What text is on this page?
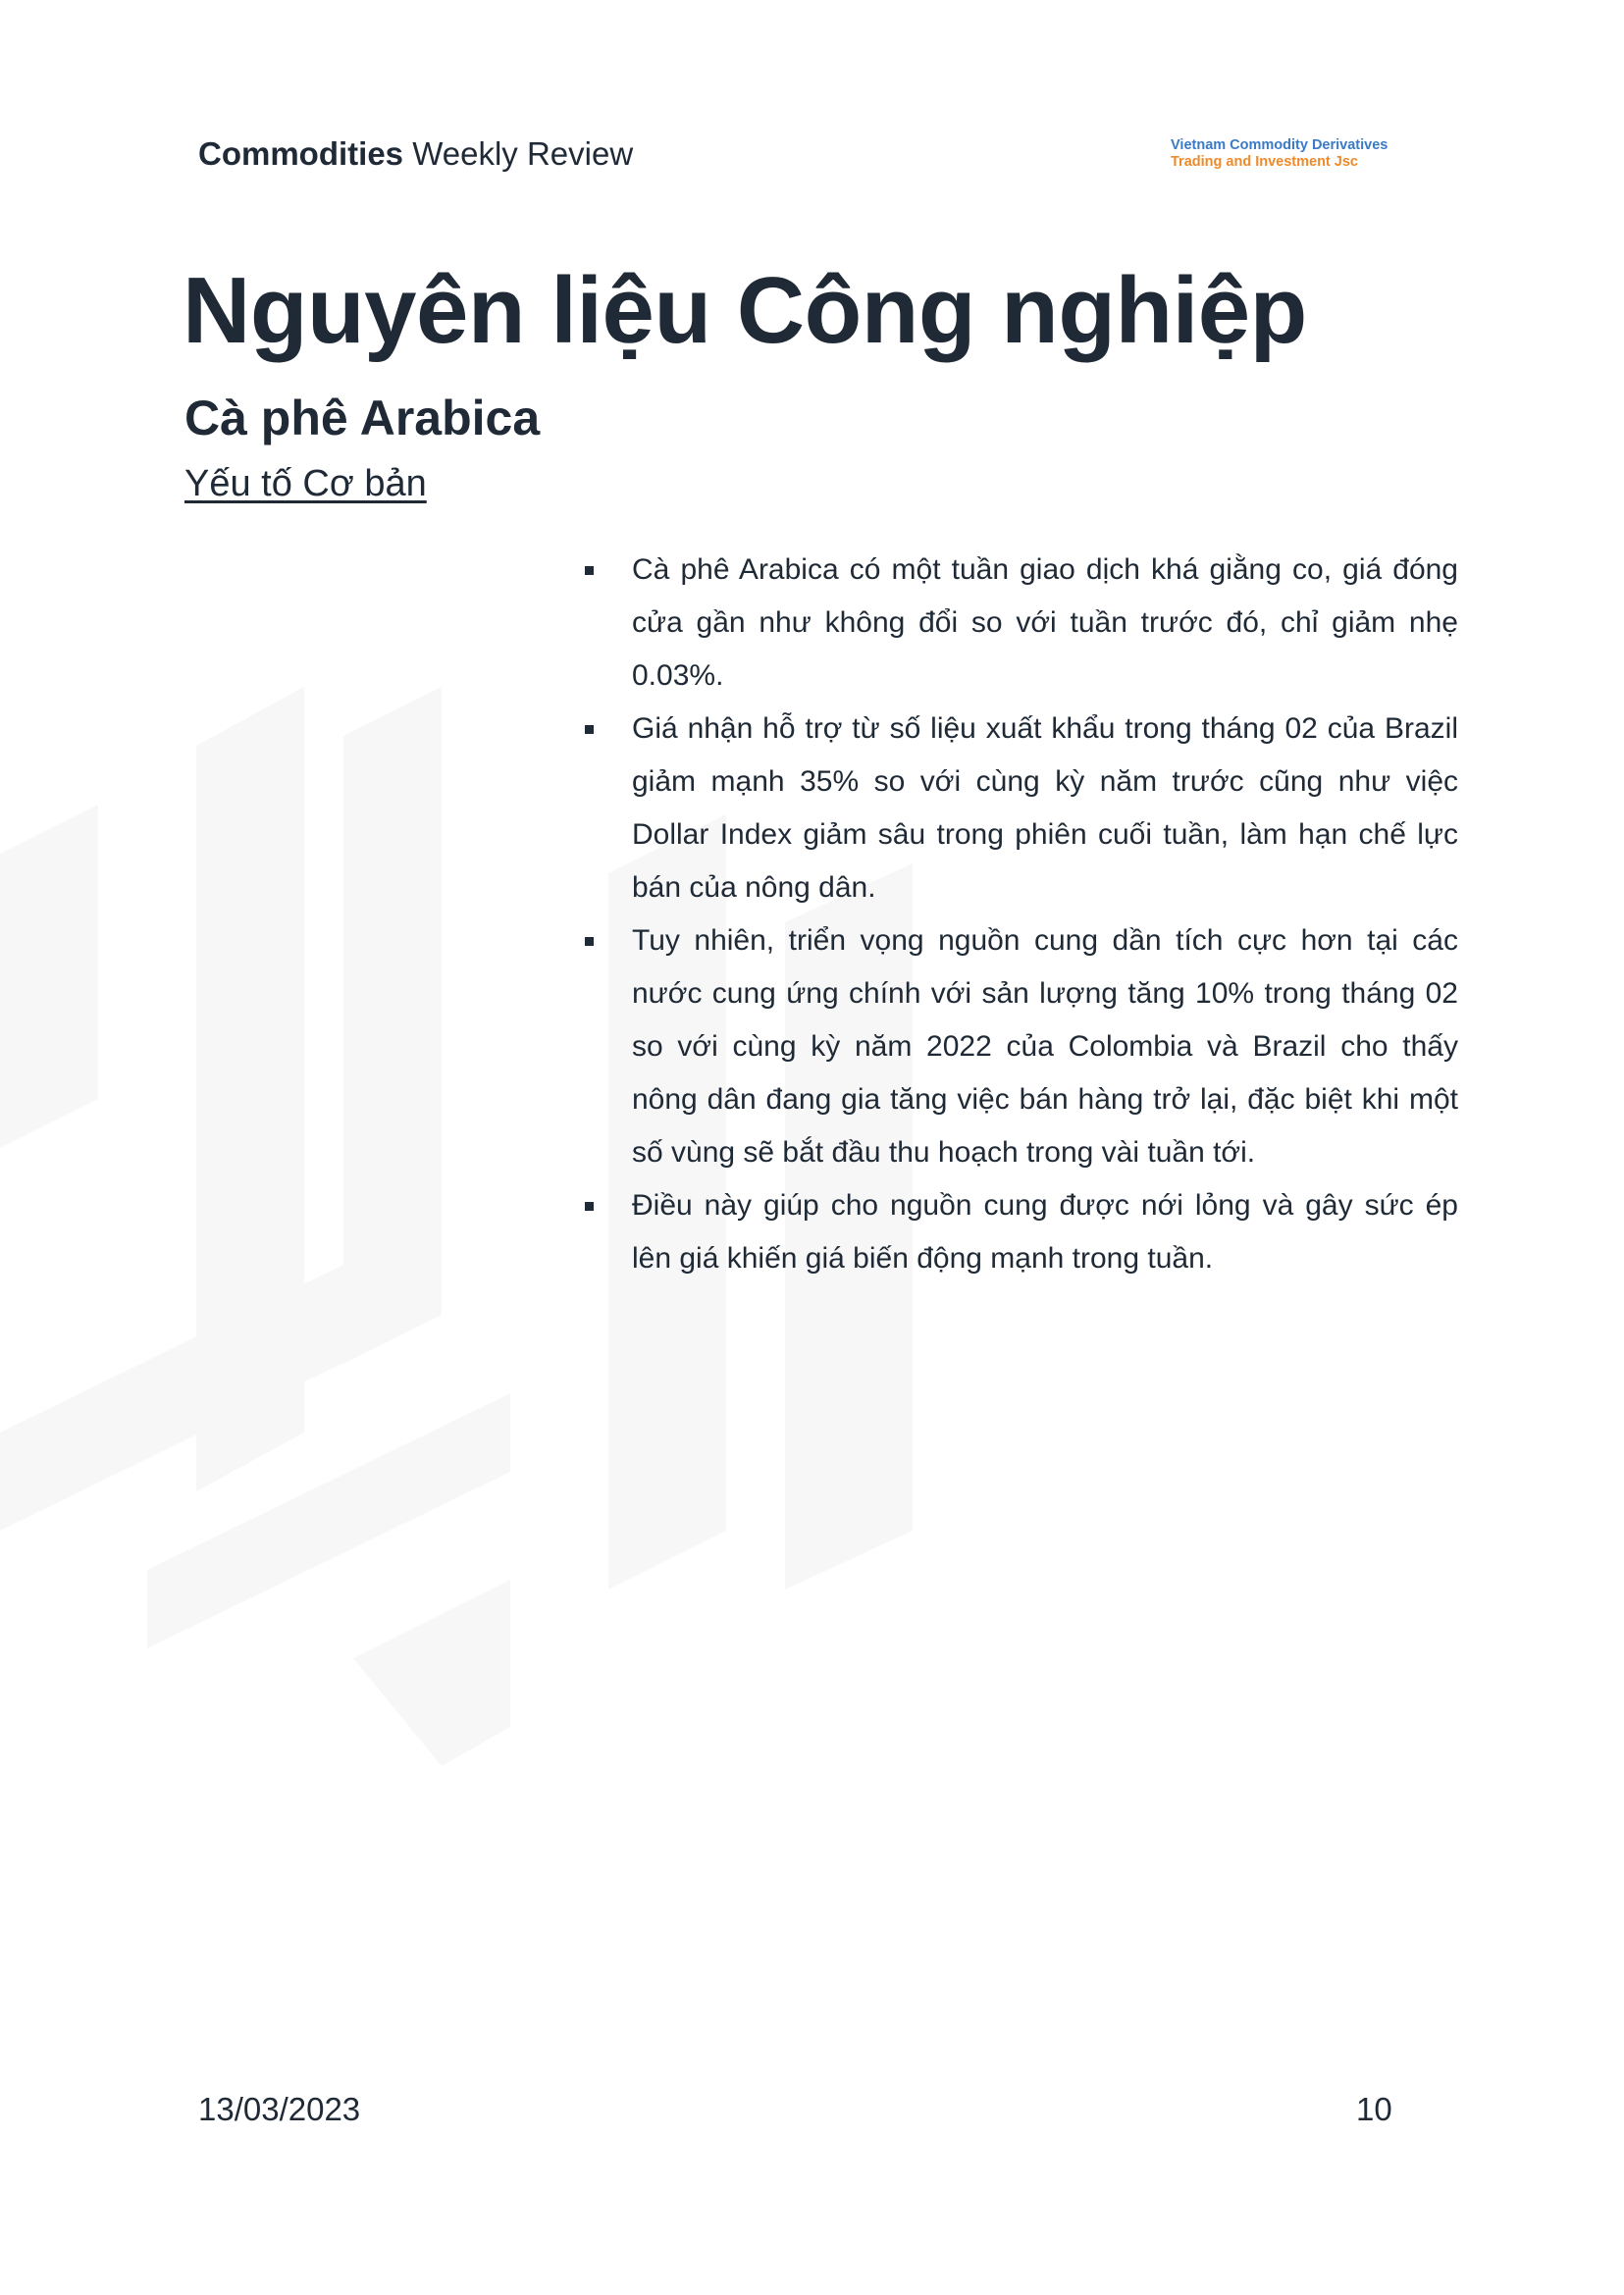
Commodities Weekly Review	Vietnam Commodity Derivatives
Trading and Investment Jsc
Nguyên liệu Công nghiệp
Cà phê Arabica
Yếu tố Cơ bản
Cà phê Arabica có một tuần giao dịch khá giằng co, giá đóng cửa gần như không đổi so với tuần trước đó, chỉ giảm nhẹ 0.03%.
Giá nhận hỗ trợ từ số liệu xuất khẩu trong tháng 02 của Brazil giảm mạnh 35% so với cùng kỳ năm trước cũng như việc Dollar Index giảm sâu trong phiên cuối tuần, làm hạn chế lực bán của nông dân.
Tuy nhiên, triển vọng nguồn cung dần tích cực hơn tại các nước cung ứng chính với sản lượng tăng 10% trong tháng 02 so với cùng kỳ năm 2022 của Colombia và Brazil cho thấy nông dân đang gia tăng việc bán hàng trở lại, đặc biệt khi một số vùng sẽ bắt đầu thu hoạch trong vài tuần tới.
Điều này giúp cho nguồn cung được nới lỏng và gây sức ép lên giá khiến giá biến động mạnh trong tuần.
13/03/2023	10
